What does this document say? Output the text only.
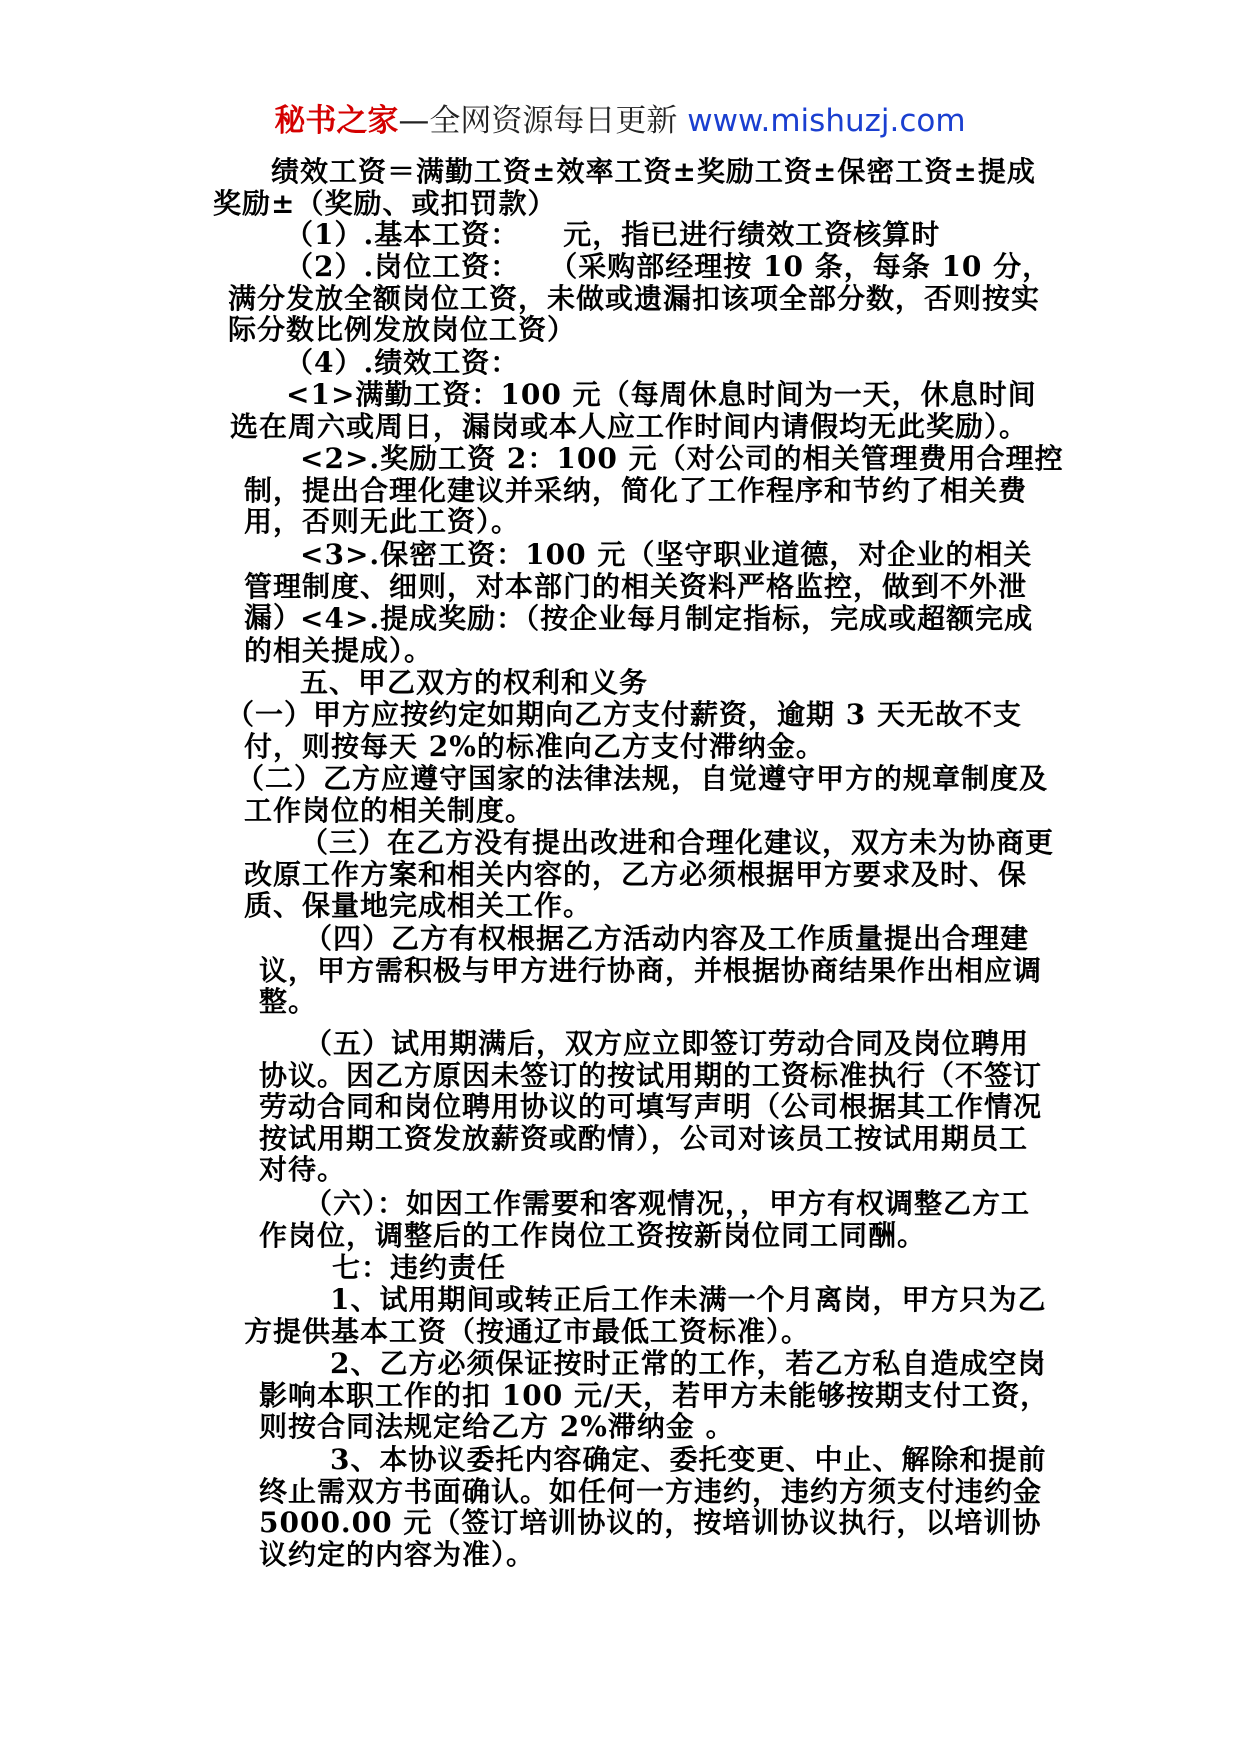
秘书之家—全网资源每日更新 www.mishuzj.com

绩效工资＝满勤工资±效率工资±奖励工资±保密工资±提成奖励±（奖励、或扣罚款）

（1）.基本工资：　　元，指已进行绩效工资核算时

（2）.岗位工资：　　（采购部经理按 10 条，每条 10 分，满分发放全额岗位工资，未做或遗漏扣该项全部分数，否则按实际分数比例发放岗位工资）

（4）.绩效工资：

<1>满勤工资：100 元（每周休息时间为一天，休息时间选在周六或周日，漏岗或本人应工作时间内请假均无此奖励）。

<2>.奖励工资 2：100 元（对公司的相关管理费用合理控制，提出合理化建议并采纳，简化了工作程序和节约了相关费用，否则无此工资）。

<3>.保密工资：100 元（坚守职业道德，对企业的相关管理制度、细则，对本部门的相关资料严格监控，做到不外泄漏）

<4>.提成奖励：（按企业每月制定指标，完成或超额完成的相关提成）。

五、甲乙双方的权利和义务

（一）甲方应按约定如期向乙方支付薪资，逾期 3 天无故不支付，则按每天 2%的标准向乙方支付滞纳金。

（二）乙方应遵守国家的法律法规，自觉遵守甲方的规章制度及工作岗位的相关制度。

（三）在乙方没有提出改进和合理化建议，双方未为协商更改原工作方案和相关内容的，乙方必须根据甲方要求及时、保质、保量地完成相关工作。

（四）乙方有权根据乙方活动内容及工作质量提出合理建议，甲方需积极与甲方进行协商，并根据协商结果作出相应调整。

（五）试用期满后，双方应立即签订劳动合同及岗位聘用协议。因乙方原因未签订的按试用期的工资标准执行（不签订劳动合同和岗位聘用协议的可填写声明（公司根据其工作情况按试用期工资发放薪资或酌情），公司对该员工按试用期员工对待。

（六）：如因工作需要和客观情况，，甲方有权调整乙方工作岗位，调整后的工作岗位工资按新岗位同工同酬。

七：违约责任

1、试用期间或转正后工作未满一个月离岗，甲方只为乙方提供基本工资（按通辽市最低工资标准）。

2、乙方必须保证按时正常的工作，若乙方私自造成空岗影响本职工作的扣 100 元/天，若甲方未能够按期支付工资，则按合同法规定给乙方 2%滞纳金 。

3、本协议委托内容确定、委托变更、中止、解除和提前终止需双方书面确认。如任何一方违约，违约方须支付违约金 5000.00 元（签订培训协议的，按培训协议执行，以培训协议约定的内容为准）。
